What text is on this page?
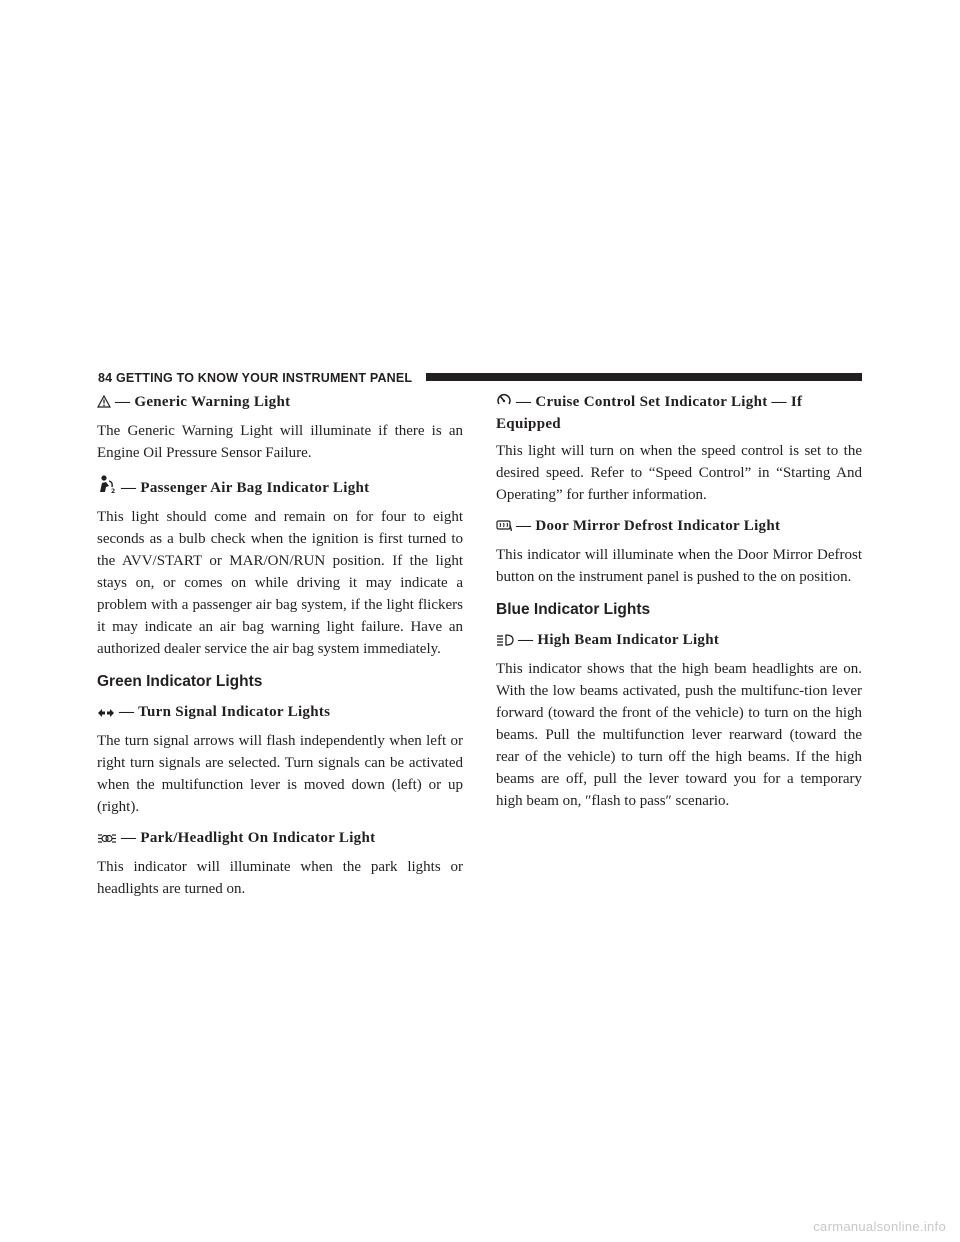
84 GETTING TO KNOW YOUR INSTRUMENT PANEL
— Generic Warning Light

The Generic Warning Light will illuminate if there is an Engine Oil Pressure Sensor Failure.

2 — Passenger Air Bag Indicator Light

This light should come and remain on for four to eight seconds as a bulb check when the ignition is first turned to the AVV/START or MAR/ON/RUN position. If the light stays on, or comes on while driving it may indicate a problem with a passenger air bag system, if the light flickers it may indicate an air bag warning light failure. Have an authorized dealer service the air bag system immediately.

Green Indicator Lights
— Turn Signal Indicator Lights

The turn signal arrows will flash independently when left or right turn signals are selected. Turn signals can be activated when the multifunction lever is moved down (left) or up (right).

— Park/Headlight On Indicator Light

This indicator will illuminate when the park lights or headlights are turned on.

— Cruise Control Set Indicator Light — If Equipped

This light will turn on when the speed control is set to the desired speed. Refer to “Speed Control” in “Starting And Operating” for further information.

— Door Mirror Defrost Indicator Light

This indicator will illuminate when the Door Mirror Defrost button on the instrument panel is pushed to the on position.

Blue Indicator Lights
— High Beam Indicator Light

This indicator shows that the high beam headlights are on. With the low beams activated, push the multifunc-tion lever forward (toward the front of the vehicle) to turn on the high beams. Pull the multifunction lever rearward (toward the rear of the vehicle) to turn off the high beams. If the high beams are off, pull the lever toward you for a temporary high beam on, ″flash to pass″ scenario.

carmanualsonline.info
